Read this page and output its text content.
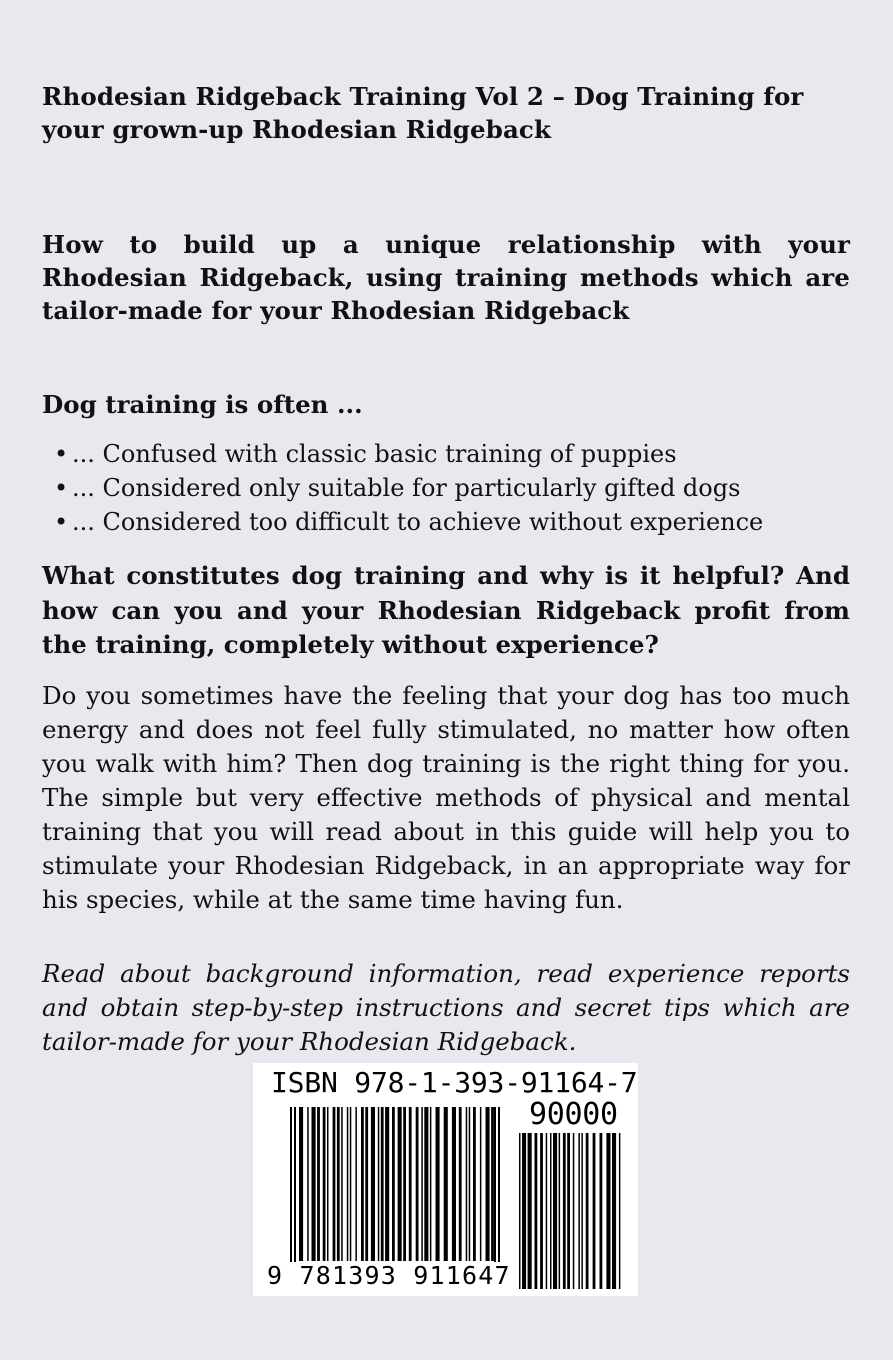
Rhodesian Ridgeback Training Vol 2 – Dog Training for your grown-up Rhodesian Ridgeback

How to build up a unique relationship with your Rhodesian Ridgeback, using training methods which are tailor-made for your Rhodesian Ridgeback

Dog training is often ...

• ... Confused with classic basic training of puppies
• ... Considered only suitable for particularly gifted dogs
• ... Considered too difficult to achieve without experience

What constitutes dog training and why is it helpful? And how can you and your Rhodesian Ridgeback profit from the training, completely without experience?

Do you sometimes have the feeling that your dog has too much energy and does not feel fully stimulated, no matter how often you walk with him? Then dog training is the right thing for you. The simple but very effective methods of physical and mental training that you will read about in this guide will help you to stimulate your Rhodesian Ridgeback, in an appropriate way for his species, while at the same time having fun.

Read about background information, read experience reports and obtain step-by-step instructions and secret tips which are tailor-made for your Rhodesian Ridgeback.

ISBN 978-1-393-91164-7
90000
9 781393 911647
